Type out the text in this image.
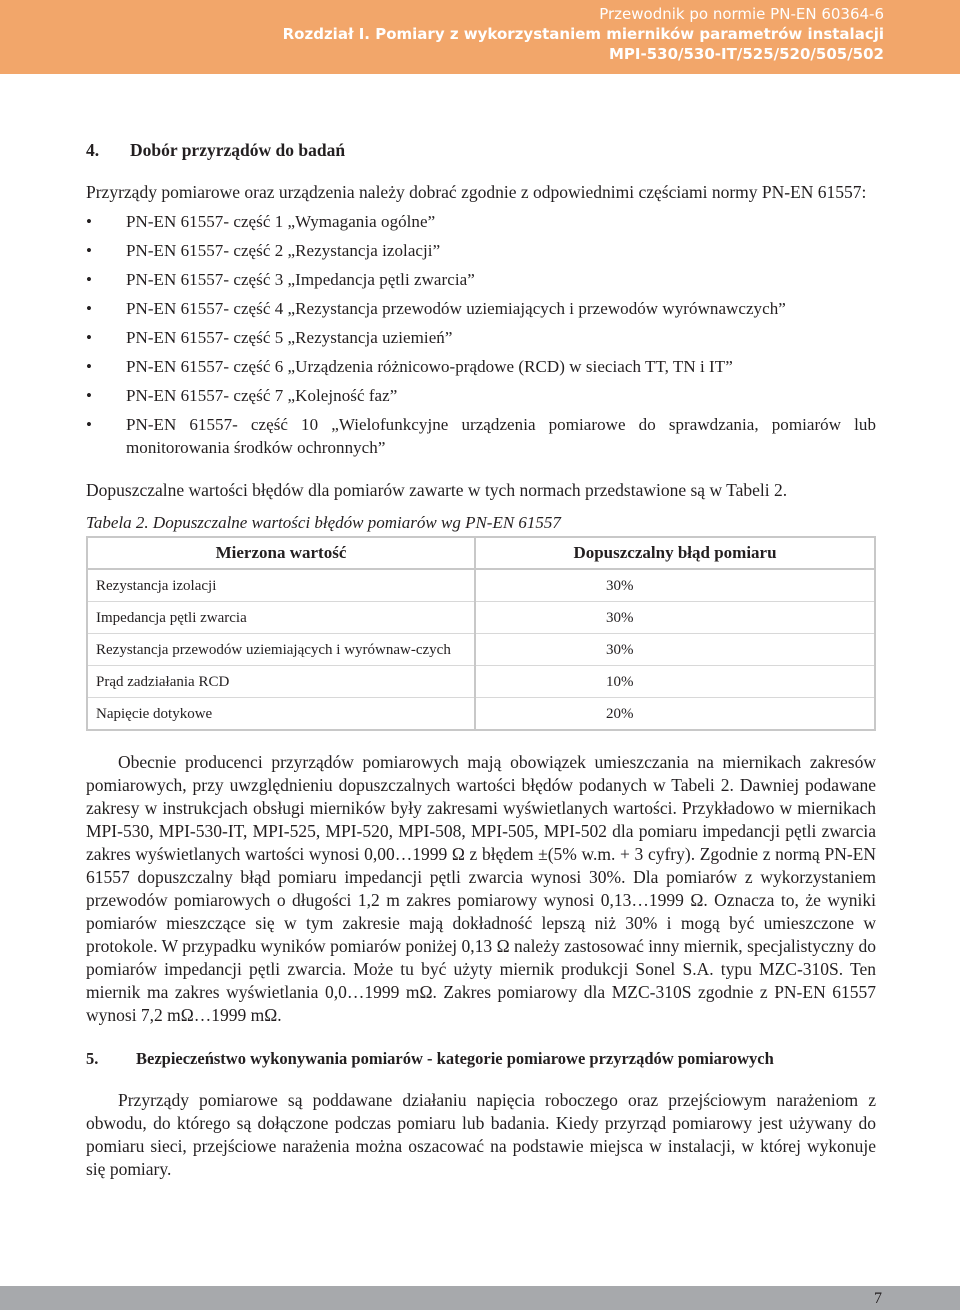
Przewodnik po normie PN-EN 60364-6
Rozdział I. Pomiary z wykorzystaniem mierników parametrów instalacji
MPI-530/530-IT/525/520/505/502
4.	Dobór przyrządów do badań

Przyrządy pomiarowe oraz urządzenia należy dobrać zgodnie z odpowiednimi częściami normy PN-EN 61557:

• PN-EN 61557- część 1 „Wymagania ogólne”
• PN-EN 61557- część 2 „Rezystancja izolacji”
• PN-EN 61557- część 3 „Impedancja pętli zwarcia”
• PN-EN 61557- część 4 „Rezystancja przewodów uziemiających i przewodów wyrównawczych”
• PN-EN 61557- część 5 „Rezystancja uziemień”
• PN-EN 61557- część 6 „Urządzenia różnicowo-prądowe (RCD) w sieciach TT, TN i IT”
• PN-EN 61557- część 7 „Kolejność faz”
• PN-EN 61557- część 10 „Wielofunkcyjne urządzenia pomiarowe do sprawdzania, pomiarów lub monitorowania środków ochronnych”

Dopuszczalne wartości błędów dla pomiarów zawarte w tych normach przedstawione są w Tabeli 2.

Tabela 2. Dopuszczalne wartości błędów pomiarów wg PN-EN 61557

Mierzona wartość	Dopuszczalny błąd pomiaru
Rezystancja izolacji	30%
Impedancja pętli zwarcia	30%
Rezystancja przewodów uziemiających i wyrównaw-czych	30%
Prąd zadziałania RCD	10%
Napięcie dotykowe	20%

Obecnie producenci przyrządów pomiarowych mają obowiązek umieszczania na miernikach zakresów pomiarowych, przy uwzględnieniu dopuszczalnych wartości błędów podanych w Tabeli 2. Dawniej podawane zakresy w instrukcjach obsługi mierników były zakresami wyświetlanych wartości. Przykładowo w miernikach MPI-530, MPI-530-IT, MPI-525, MPI-520, MPI-508, MPI-505, MPI-502 dla pomiaru impedancji pętli zwarcia zakres wyświetlanych wartości wynosi 0,00…1999 Ω z błędem ±(5% w.m. + 3 cyfry). Zgodnie z normą PN-EN 61557 dopuszczalny błąd pomiaru impedancji pętli zwarcia wynosi 30%. Dla pomiarów z wykorzystaniem przewodów pomiarowych o długości 1,2 m zakres pomiarowy wynosi 0,13…1999 Ω. Oznacza to, że wyniki pomiarów mieszczące się w tym zakresie mają dokładność lepszą niż 30% i mogą być umieszczone w protokole. W przypadku wyników pomiarów poniżej 0,13 Ω należy zastosować inny miernik, specjalistyczny do pomiarów impedancji pętli zwarcia. Może tu być użyty miernik produkcji Sonel S.A. typu MZC-310S. Ten miernik ma zakres wyświetlania 0,0…1999 mΩ. Zakres pomiarowy dla MZC-310S zgodnie z PN-EN 61557 wynosi 7,2 mΩ…1999 mΩ.

5.	Bezpieczeństwo wykonywania pomiarów - kategorie pomiarowe przyrządów pomiarowych

Przyrządy pomiarowe są poddawane działaniu napięcia roboczego oraz przejściowym narażeniom z obwodu, do którego są dołączone podczas pomiaru lub badania. Kiedy przyrząd pomiarowy jest używany do pomiaru sieci, przejściowe narażenia można oszacować na podstawie miejsca w instalacji, w której wykonuje się pomiary.

7
